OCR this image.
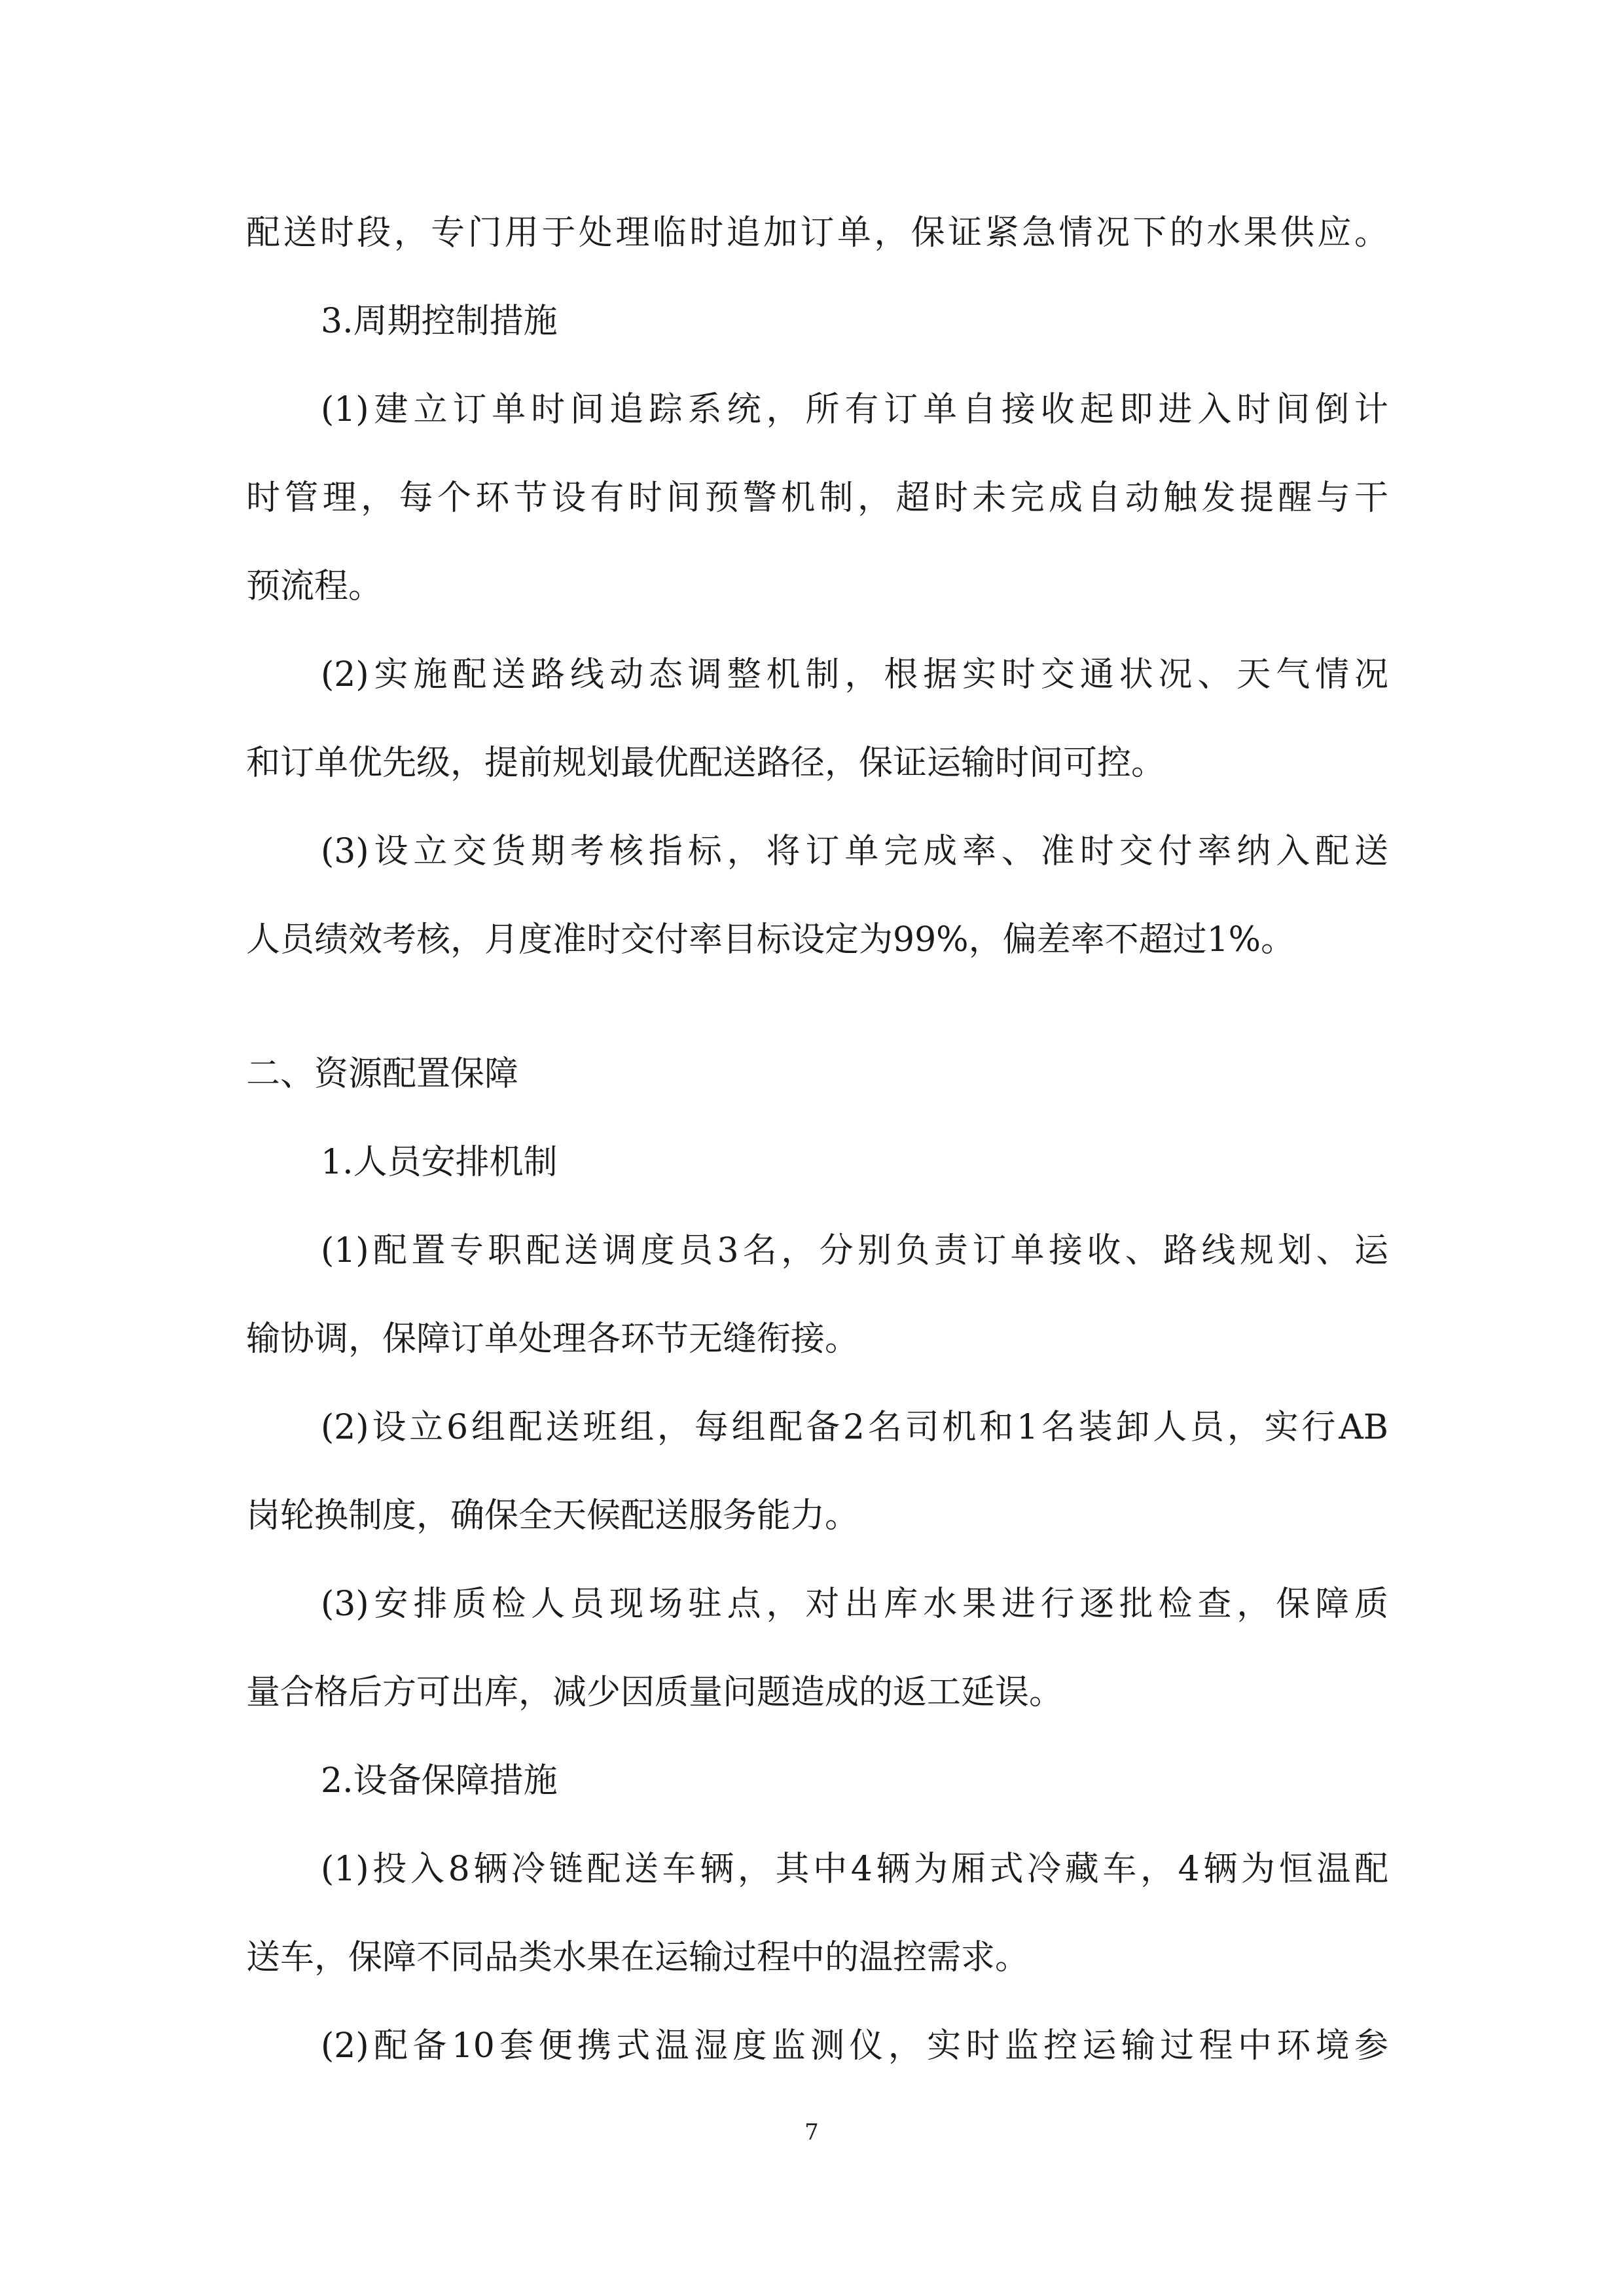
配送时段，专门用于处理临时追加订单，保证紧急情况下的水果供应。
3.周期控制措施
(1)建立订单时间追踪系统，所有订单自接收起即进入时间倒计
时管理，每个环节设有时间预警机制，超时未完成自动触发提醒与干
预流程。
(2)实施配送路线动态调整机制，根据实时交通状况、天气情况
和订单优先级，提前规划最优配送路径，保证运输时间可控。
(3)设立交货期考核指标，将订单完成率、准时交付率纳入配送
人员绩效考核，月度准时交付率目标设定为99%，偏差率不超过1%。
二、资源配置保障
1.人员安排机制
(1)配置专职配送调度员3名，分别负责订单接收、路线规划、运
输协调，保障订单处理各环节无缝衔接。
(2)设立6组配送班组，每组配备2名司机和1名装卸人员，实行AB
岗轮换制度，确保全天候配送服务能力。
(3)安排质检人员现场驻点，对出库水果进行逐批检查，保障质
量合格后方可出库，减少因质量问题造成的返工延误。
2.设备保障措施
(1)投入8辆冷链配送车辆，其中4辆为厢式冷藏车，4辆为恒温配
送车，保障不同品类水果在运输过程中的温控需求。
(2)配备10套便携式温湿度监测仪，实时监控运输过程中环境参
7
